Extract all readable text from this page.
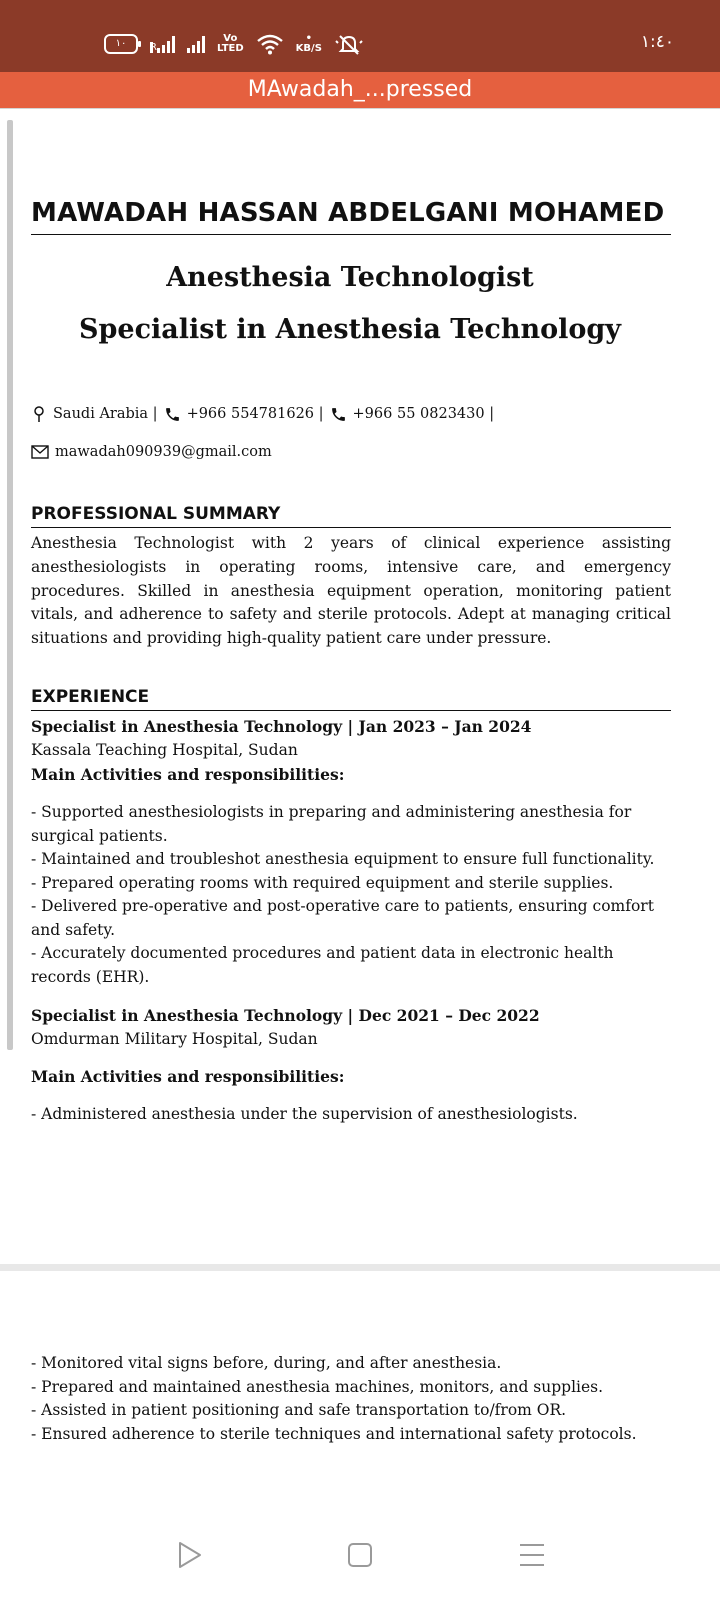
١٠	R
Vo
LTED
•
KB/S	١:٤٠
MAwadah_...pressed
MAWADAH HASSAN ABDELGANI MOHAMED
Anesthesia Technologist
Specialist in Anesthesia Technology
Saudi Arabia | +966 554781626 | +966 55 0823430 |
mawadah090939@gmail.com
PROFESSIONAL SUMMARY
Anesthesia Technologist with 2 years of clinical experience assisting anesthesiologists in operating rooms, intensive care, and emergency procedures. Skilled in anesthesia equipment operation, monitoring patient vitals, and adherence to safety and sterile protocols. Adept at managing critical situations and providing high-quality patient care under pressure.
EXPERIENCE
Specialist in Anesthesia Technology | Jan 2023 – Jan 2024
Kassala Teaching Hospital, Sudan
Main Activities and responsibilities:
- Supported anesthesiologists in preparing and administering anesthesia for surgical patients.
- Maintained and troubleshot anesthesia equipment to ensure full functionality.
- Prepared operating rooms with required equipment and sterile supplies.
- Delivered pre-operative and post-operative care to patients, ensuring comfort and safety.
- Accurately documented procedures and patient data in electronic health records (EHR).
Specialist in Anesthesia Technology | Dec 2021 – Dec 2022
Omdurman Military Hospital, Sudan
Main Activities and responsibilities:
- Administered anesthesia under the supervision of anesthesiologists.
- Monitored vital signs before, during, and after anesthesia.
- Prepared and maintained anesthesia machines, monitors, and supplies.
- Assisted in patient positioning and safe transportation to/from OR.
- Ensured adherence to sterile techniques and international safety protocols.
